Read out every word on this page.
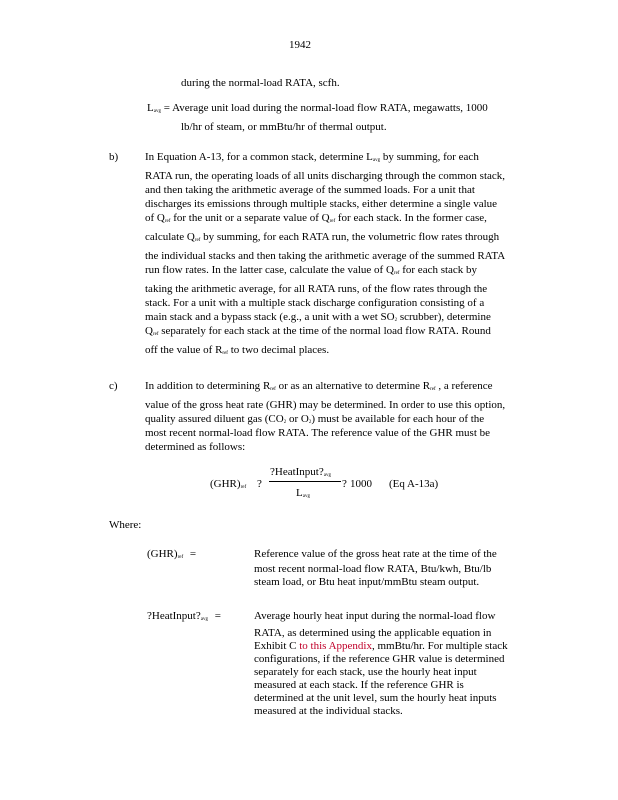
1942
during the normal-load RATA, scfh.
$L_{avg}$ = Average unit load during the normal-load flow RATA, megawatts, 1000
lb/hr of steam, or mmBtu/hr of thermal output.
b) In Equation A-13, for a common stack, determine $L_{avg}$ by summing, for each

RATA run, the operating loads of all units discharging through the common stack,

and then taking the arithmetic average of the summed loads. For a unit that

discharges its emissions through multiple stacks, either determine a single value

of $Q_{ref}$ for the unit or a separate value of $Q_{ref}$ for each stack. In the former case,

calculate $Q_{ref}$ by summing, for each RATA run, the volumetric flow rates through

the individual stacks and then taking the arithmetic average of the summed RATA

run flow rates. In the latter case, calculate the value of $Q_{ref}$ for each stack by

taking the arithmetic average, for all RATA runs, of the flow rates through the

stack. For a unit with a multiple stack discharge configuration consisting of a

main stack and a bypass stack (e.g., a unit with a wet $SO_2$ scrubber), determine

$Q_{ref}$ separately for each stack at the time of the normal load flow RATA. Round

off the value of $R_{ref}$ to two decimal places.

c) In addition to determining $R_{ref}$ or as an alternative to determine $R_{ref}$ , a reference

value of the gross heat rate (GHR) may be determined. In order to use this option,

quality assured diluent gas ($CO_2$ or $O_2$) must be available for each hour of the

most recent normal-load flow RATA. The reference value of the GHR must be

determined as follows:

$(GHR)_{ref}$ ?
$?HeatInput?_{avg}$
$L_{avg}$
? 1000 (Eq A-13a)
Where:
$(GHR)_{ref}$ =	Reference value of the gross heat rate at the time of the

most recent normal-load flow RATA, Btu/kwh, Btu/lb

steam load, or Btu heat input/mmBtu steam output.

$?HeatInput?_{avg}$ =	Average hourly heat input during the normal-load flow

RATA, as determined using the applicable equation in

Exhibit C to this Appendix, mmBtu/hr. For multiple stack

configurations, if the reference GHR value is determined

separately for each stack, use the hourly heat input

measured at each stack. If the reference GHR is

determined at the unit level, sum the hourly heat inputs

measured at the individual stacks.
